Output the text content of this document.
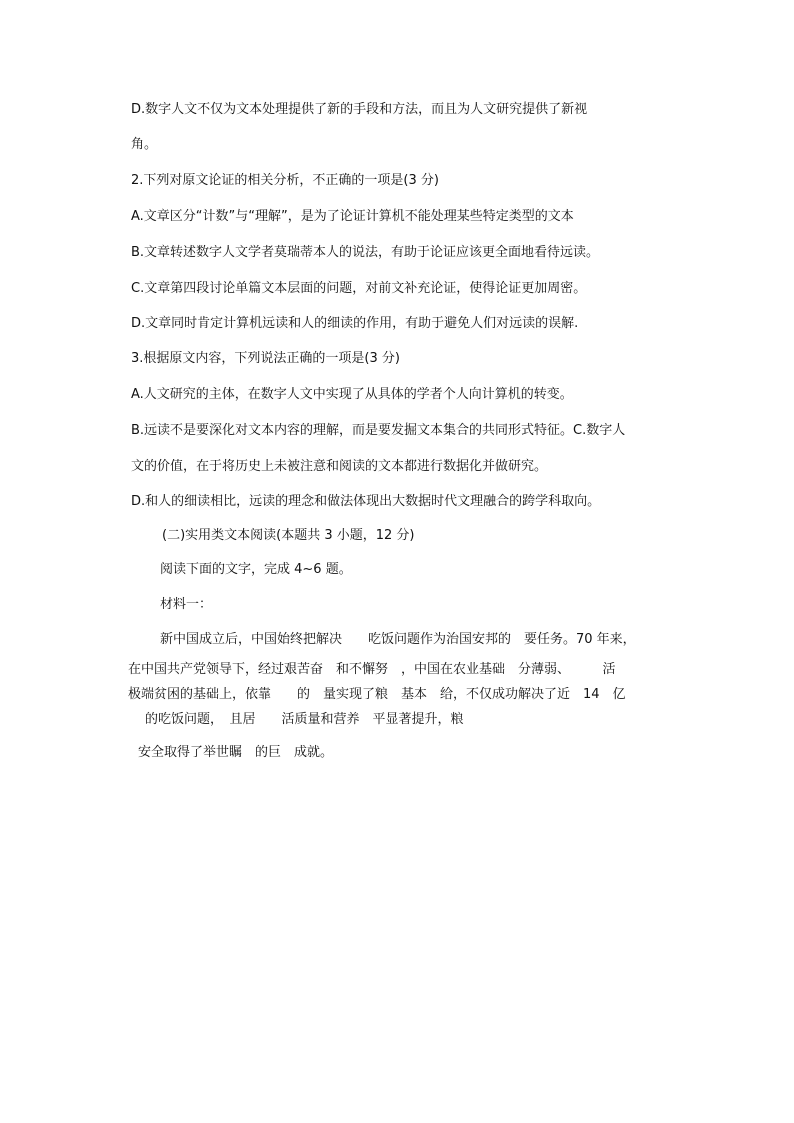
D.数字人文不仅为文本处理提供了新的手段和方法，而且为人文研究提供了新视
角。
2.下列对原文论证的相关分析，不正确的一项是(3 分)
A.文章区分“计数”与“理解”，是为了论证计算机不能处理某些特定类型的文本
B.文章转述数字人文学者莫瑞蒂本人的说法，有助于论证应该更全面地看待远读。
C.文章第四段讨论单篇文本层面的问题，对前文补充论证，使得论证更加周密。
D.文章同时肯定计算机远读和人的细读的作用，有助于避免人们对远读的误解.
3.根据原文内容，下列说法正确的一项是(3 分)
A.人文研究的主体，在数字人文中实现了从具体的学者个人向计算机的转变。
B.远读不是要深化对文本内容的理解，而是要发掘文本集合的共同形式特征。C.数字人
文的价值，在于将历史上未被注意和阅读的文本都进行数据化并做研究。
D.和人的细读相比，远读的理念和做法体现出大数据时代文理融合的跨学科取向。
(二)实用类文本阅读(本题共 3 小题，12 分)
阅读下面的文字，完成 4~6 题。
材料一：
新中国成立后，中国始终把解决　　吃饭问题作为治国安邦的　要任务。70 年来，
在中国共产党领导下，经过艰苦奋　和不懈努　，中国在农业基础　分薄弱、　　　活
极端贫困的基础上，依靠　　的　量实现了粮　基本　给，不仅成功解决了近　14　亿
的吃饭问题，　且居　　活质量和营养　平显著提升，粮
安全取得了举世瞩　的巨　成就。
